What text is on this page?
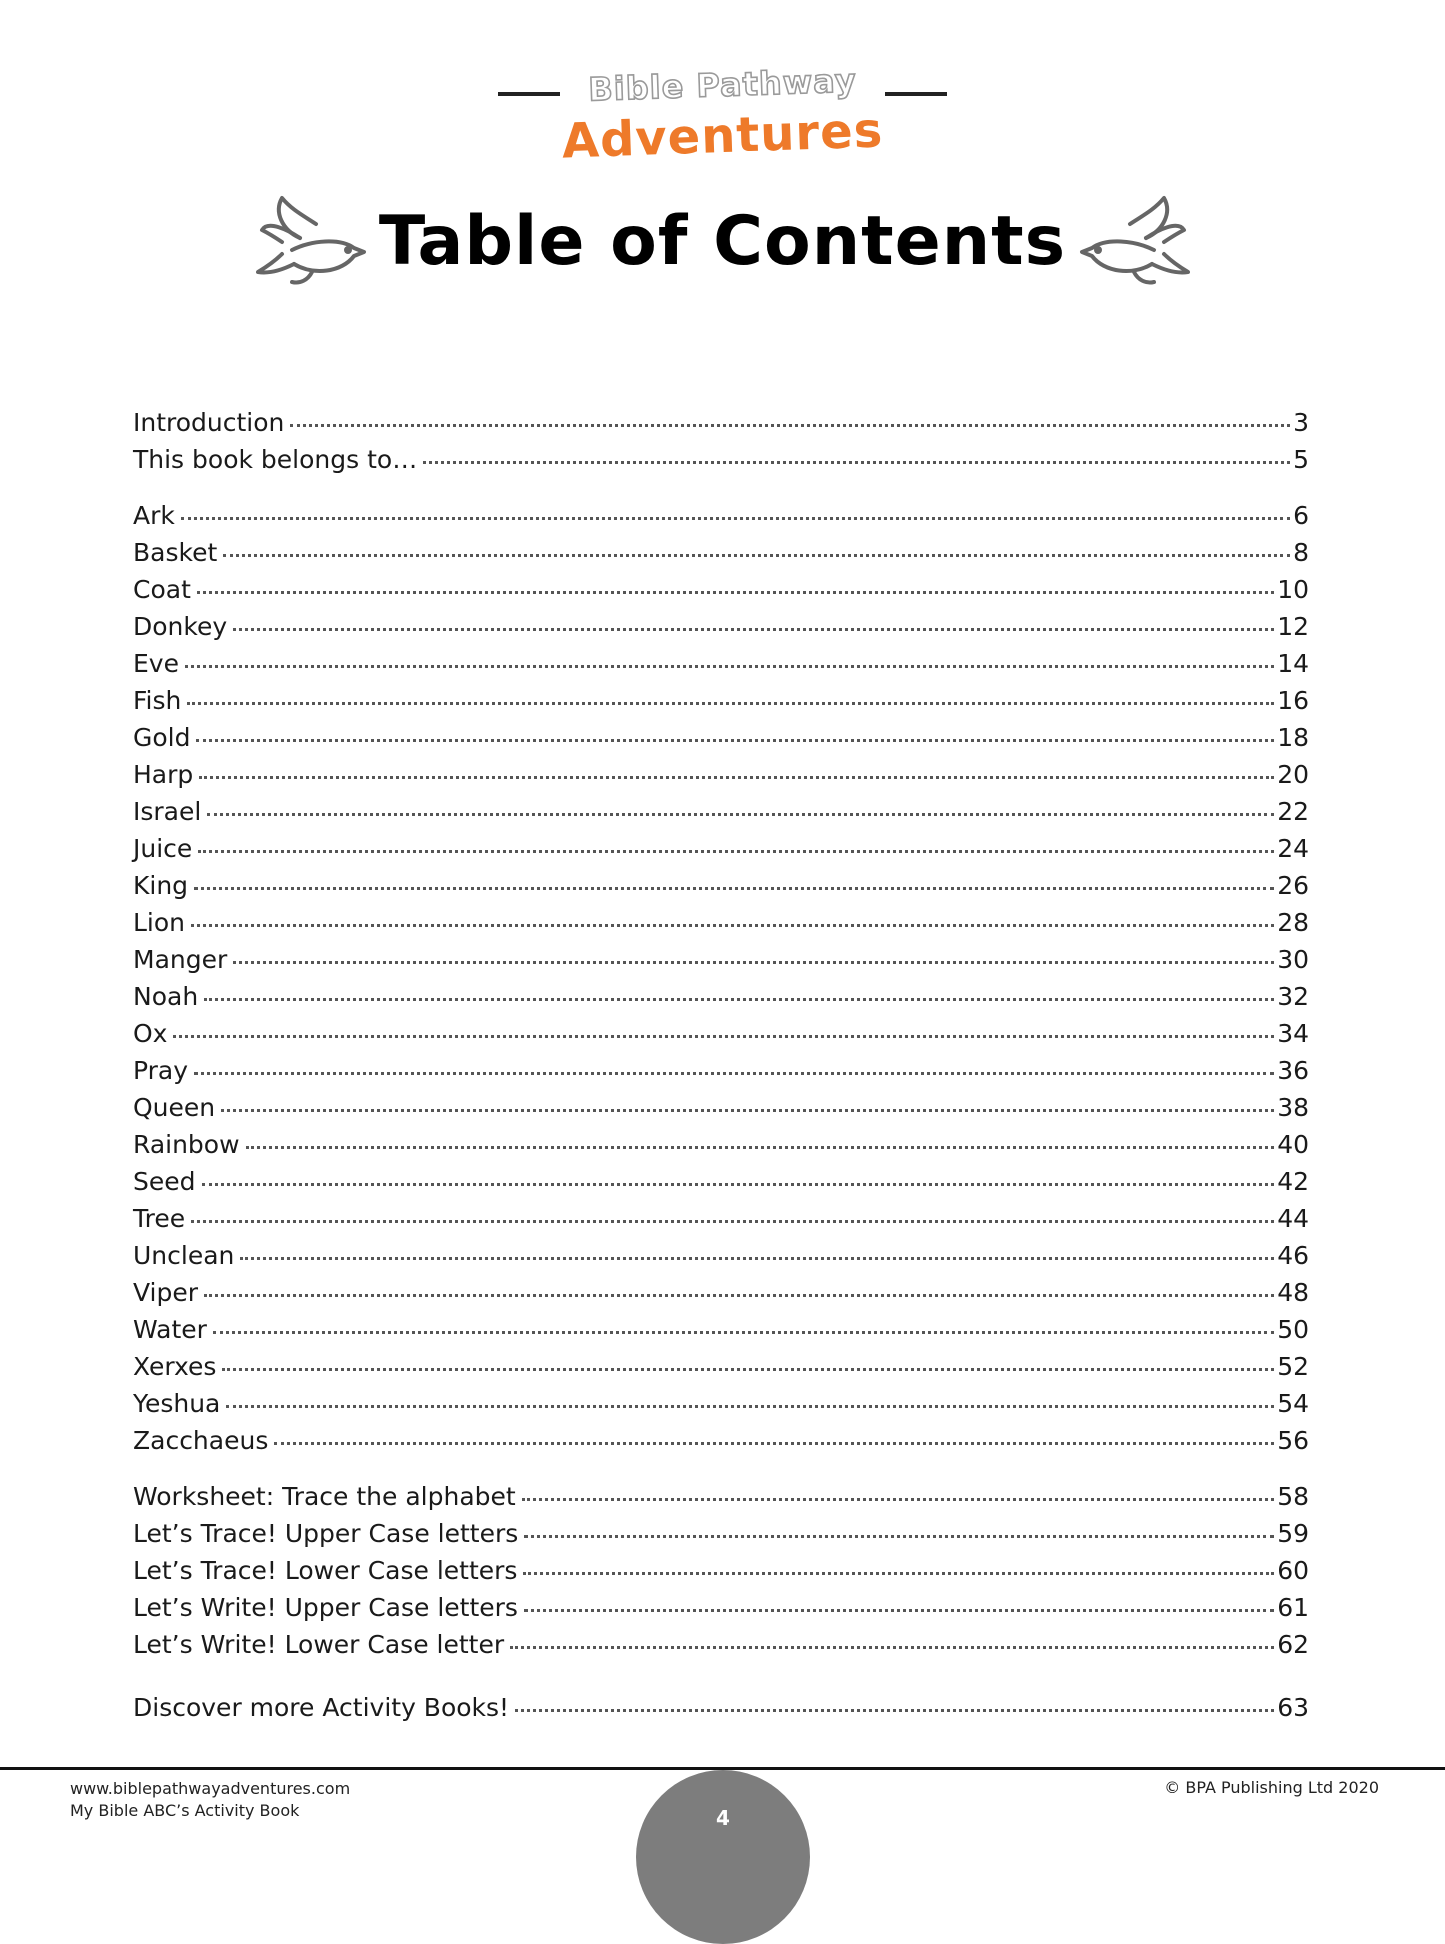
Bible Pathway
Adventures
Table of Contents
Introduction	3
This book belongs to…	5
Ark	6
Basket	8
Coat	10
Donkey	12
Eve	14
Fish	16
Gold	18
Harp	20
Israel	22
Juice	24
King	26
Lion	28
Manger	30
Noah	32
Ox	34
Pray	36
Queen	38
Rainbow	40
Seed	42
Tree	44
Unclean	46
Viper	48
Water	50
Xerxes	52
Yeshua	54
Zacchaeus	56
Worksheet: Trace the alphabet	58
Let’s Trace! Upper Case letters	59
Let’s Trace! Lower Case letters	60
Let’s Write! Upper Case letters	61
Let’s Write! Lower Case letter	62
Discover more Activity Books!	63
www.biblepathwayadventures.com
My Bible ABC’s Activity Book
© BPA Publishing Ltd 2020
4
